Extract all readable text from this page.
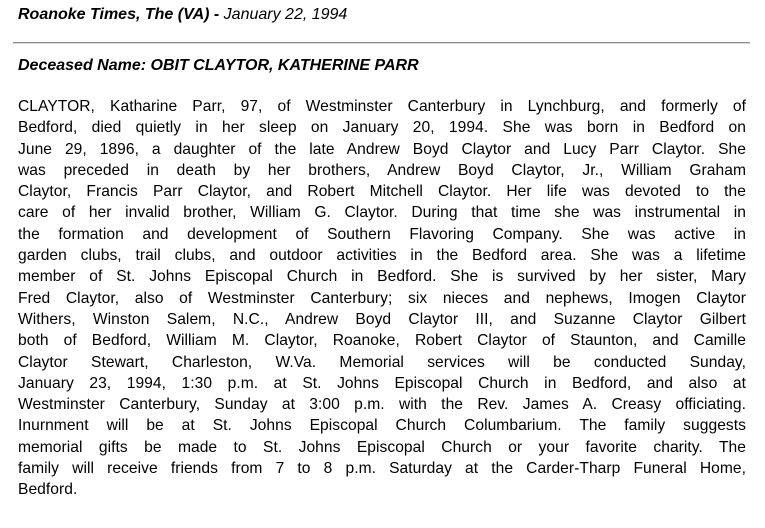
Roanoke Times, The (VA) - January 22, 1994
Deceased Name: OBIT CLAYTOR, KATHERINE PARR
CLAYTOR, Katharine Parr, 97, of Westminster Canterbury in Lynchburg, and formerly of
Bedford, died quietly in her sleep on January 20, 1994. She was born in Bedford on
June 29, 1896, a daughter of the late Andrew Boyd Claytor and Lucy Parr Claytor. She
was preceded in death by her brothers, Andrew Boyd Claytor, Jr., William Graham
Claytor, Francis Parr Claytor, and Robert Mitchell Claytor. Her life was devoted to the
care of her invalid brother, William G. Claytor. During that time she was instrumental in
the formation and development of Southern Flavoring Company. She was active in
garden clubs, trail clubs, and outdoor activities in the Bedford area. She was a lifetime
member of St. Johns Episcopal Church in Bedford. She is survived by her sister, Mary
Fred Claytor, also of Westminster Canterbury; six nieces and nephews, Imogen Claytor
Withers, Winston Salem, N.C., Andrew Boyd Claytor III, and Suzanne Claytor Gilbert
both of Bedford, William M. Claytor, Roanoke, Robert Claytor of Staunton, and Camille
Claytor Stewart, Charleston, W.Va. Memorial services will be conducted Sunday,
January 23, 1994, 1:30 p.m. at St. Johns Episcopal Church in Bedford, and also at
Westminster Canterbury, Sunday at 3:00 p.m. with the Rev. James A. Creasy officiating.
Inurnment will be at St. Johns Episcopal Church Columbarium. The family suggests
memorial gifts be made to St. Johns Episcopal Church or your favorite charity. The
family will receive friends from 7 to 8 p.m. Saturday at the Carder-Tharp Funeral Home,
Bedford.
